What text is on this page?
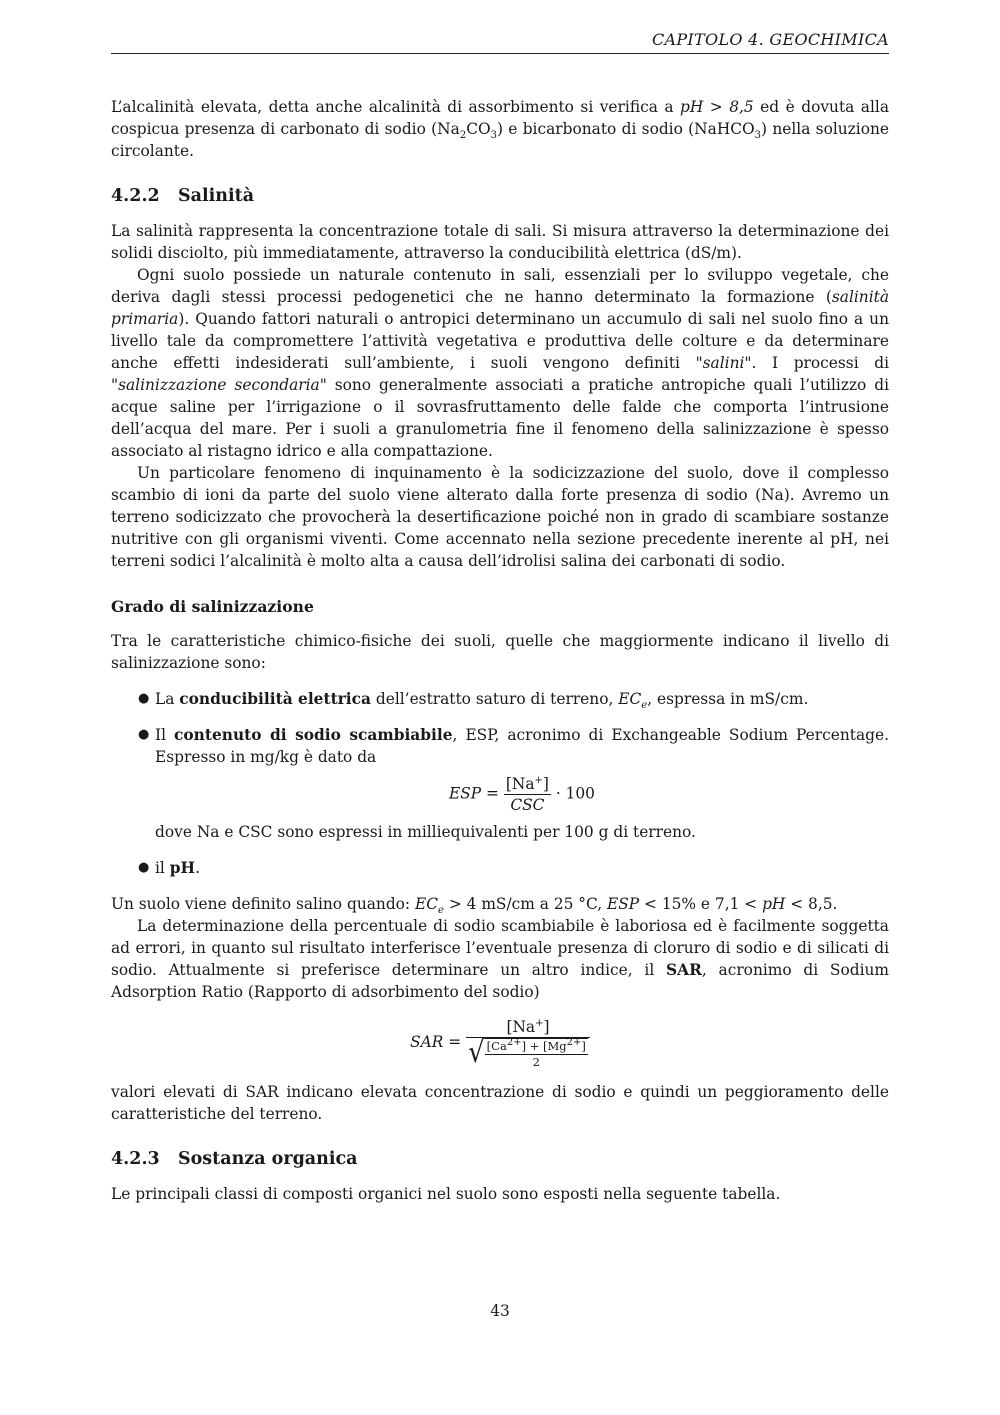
CAPITOLO 4. GEOCHIMICA

L’alcalinità elevata, detta anche alcalinità di assorbimento si verifica a pH > 8,5 ed è dovuta alla cospicua presenza di carbonato di sodio $(Na_2CO_3)$ e bicarbonato di sodio (NaHCO$_3$) nella soluzione circolante.

4.2.2 Salinità

La salinità rappresenta la concentrazione totale di sali. Si misura attraverso la determinazione dei solidi disciolto, più immediatamente, attraverso la conducibilità elettrica (dS/m).

Ogni suolo possiede un naturale contenuto in sali, essenziali per lo sviluppo vegetale, che deriva dagli stessi processi pedogenetici che ne hanno determinato la formazione (salinità primaria). Quando fattori naturali o antropici determinano un accumulo di sali nel suolo fino a un livello tale da compromettere l’attività vegetativa e produttiva delle colture e da determinare anche effetti indesiderati sull’ambiente, i suoli vengono definiti "salini". I processi di "salinizzazione secondaria" sono generalmente associati a pratiche antropiche quali l’utilizzo di acque saline per l’irrigazione o il sovrasfruttamento delle falde che comporta l’intrusione dell’acqua del mare. Per i suoli a granulometria fine il fenomeno della salinizzazione è spesso associato al ristagno idrico e alla compattazione.

Un particolare fenomeno di inquinamento è la sodicizzazione del suolo, dove il complesso scambio di ioni da parte del suolo viene alterato dalla forte presenza di sodio (Na). Avremo un terreno sodicizzato che provocherà la desertificazione poiché non in grado di scambiare sostanze nutritive con gli organismi viventi. Come accennato nella sezione precedente inerente al pH, nei terreni sodici l’alcalinità è molto alta a causa dell’idrolisi salina dei carbonati di sodio.

Grado di salinizzazione

Tra le caratteristiche chimico-fisiche dei suoli, quelle che maggiormente indicano il livello di salinizzazione sono:

● La conducibilità elettrica dell’estratto saturo di terreno, $EC_e$, espressa in mS/cm.
● Il contenuto di sodio scambiabile, ESP, acronimo di Exchangeable Sodium Percentage. Espresso in mg/kg è dato da
ESP = $\frac{[Na^+]}{\text{CSC}} \cdot 100$
dove Na e CSC sono espressi in milliequivalenti per 100 g di terreno.
● il pH.

Un suolo viene definito salino quando: $EC_e > 4$ mS/cm a 25 °C, ESP < 15% e 7,1 < pH < 8,5.

La determinazione della percentuale di sodio scambiabile è laboriosa ed è facilmente soggetta ad errori, in quanto sul risultato interferisce l’eventuale presenza di cloruro di sodio e di silicati di sodio. Attualmente si preferisce determinare un altro indice, il SAR, acronimo di Sodium Adsorption Ratio (Rapporto di adsorbimento del sodio)

SAR = [Na+]
√ $[Ca^{2+}] + [Mg^{2+}]$
2

valori elevati di SAR indicano elevata concentrazione di sodio e quindi un peggioramento delle caratteristiche del terreno.

4.2.3 Sostanza organica

Le principali classi di composti organici nel suolo sono esposti nella seguente tabella.

43
